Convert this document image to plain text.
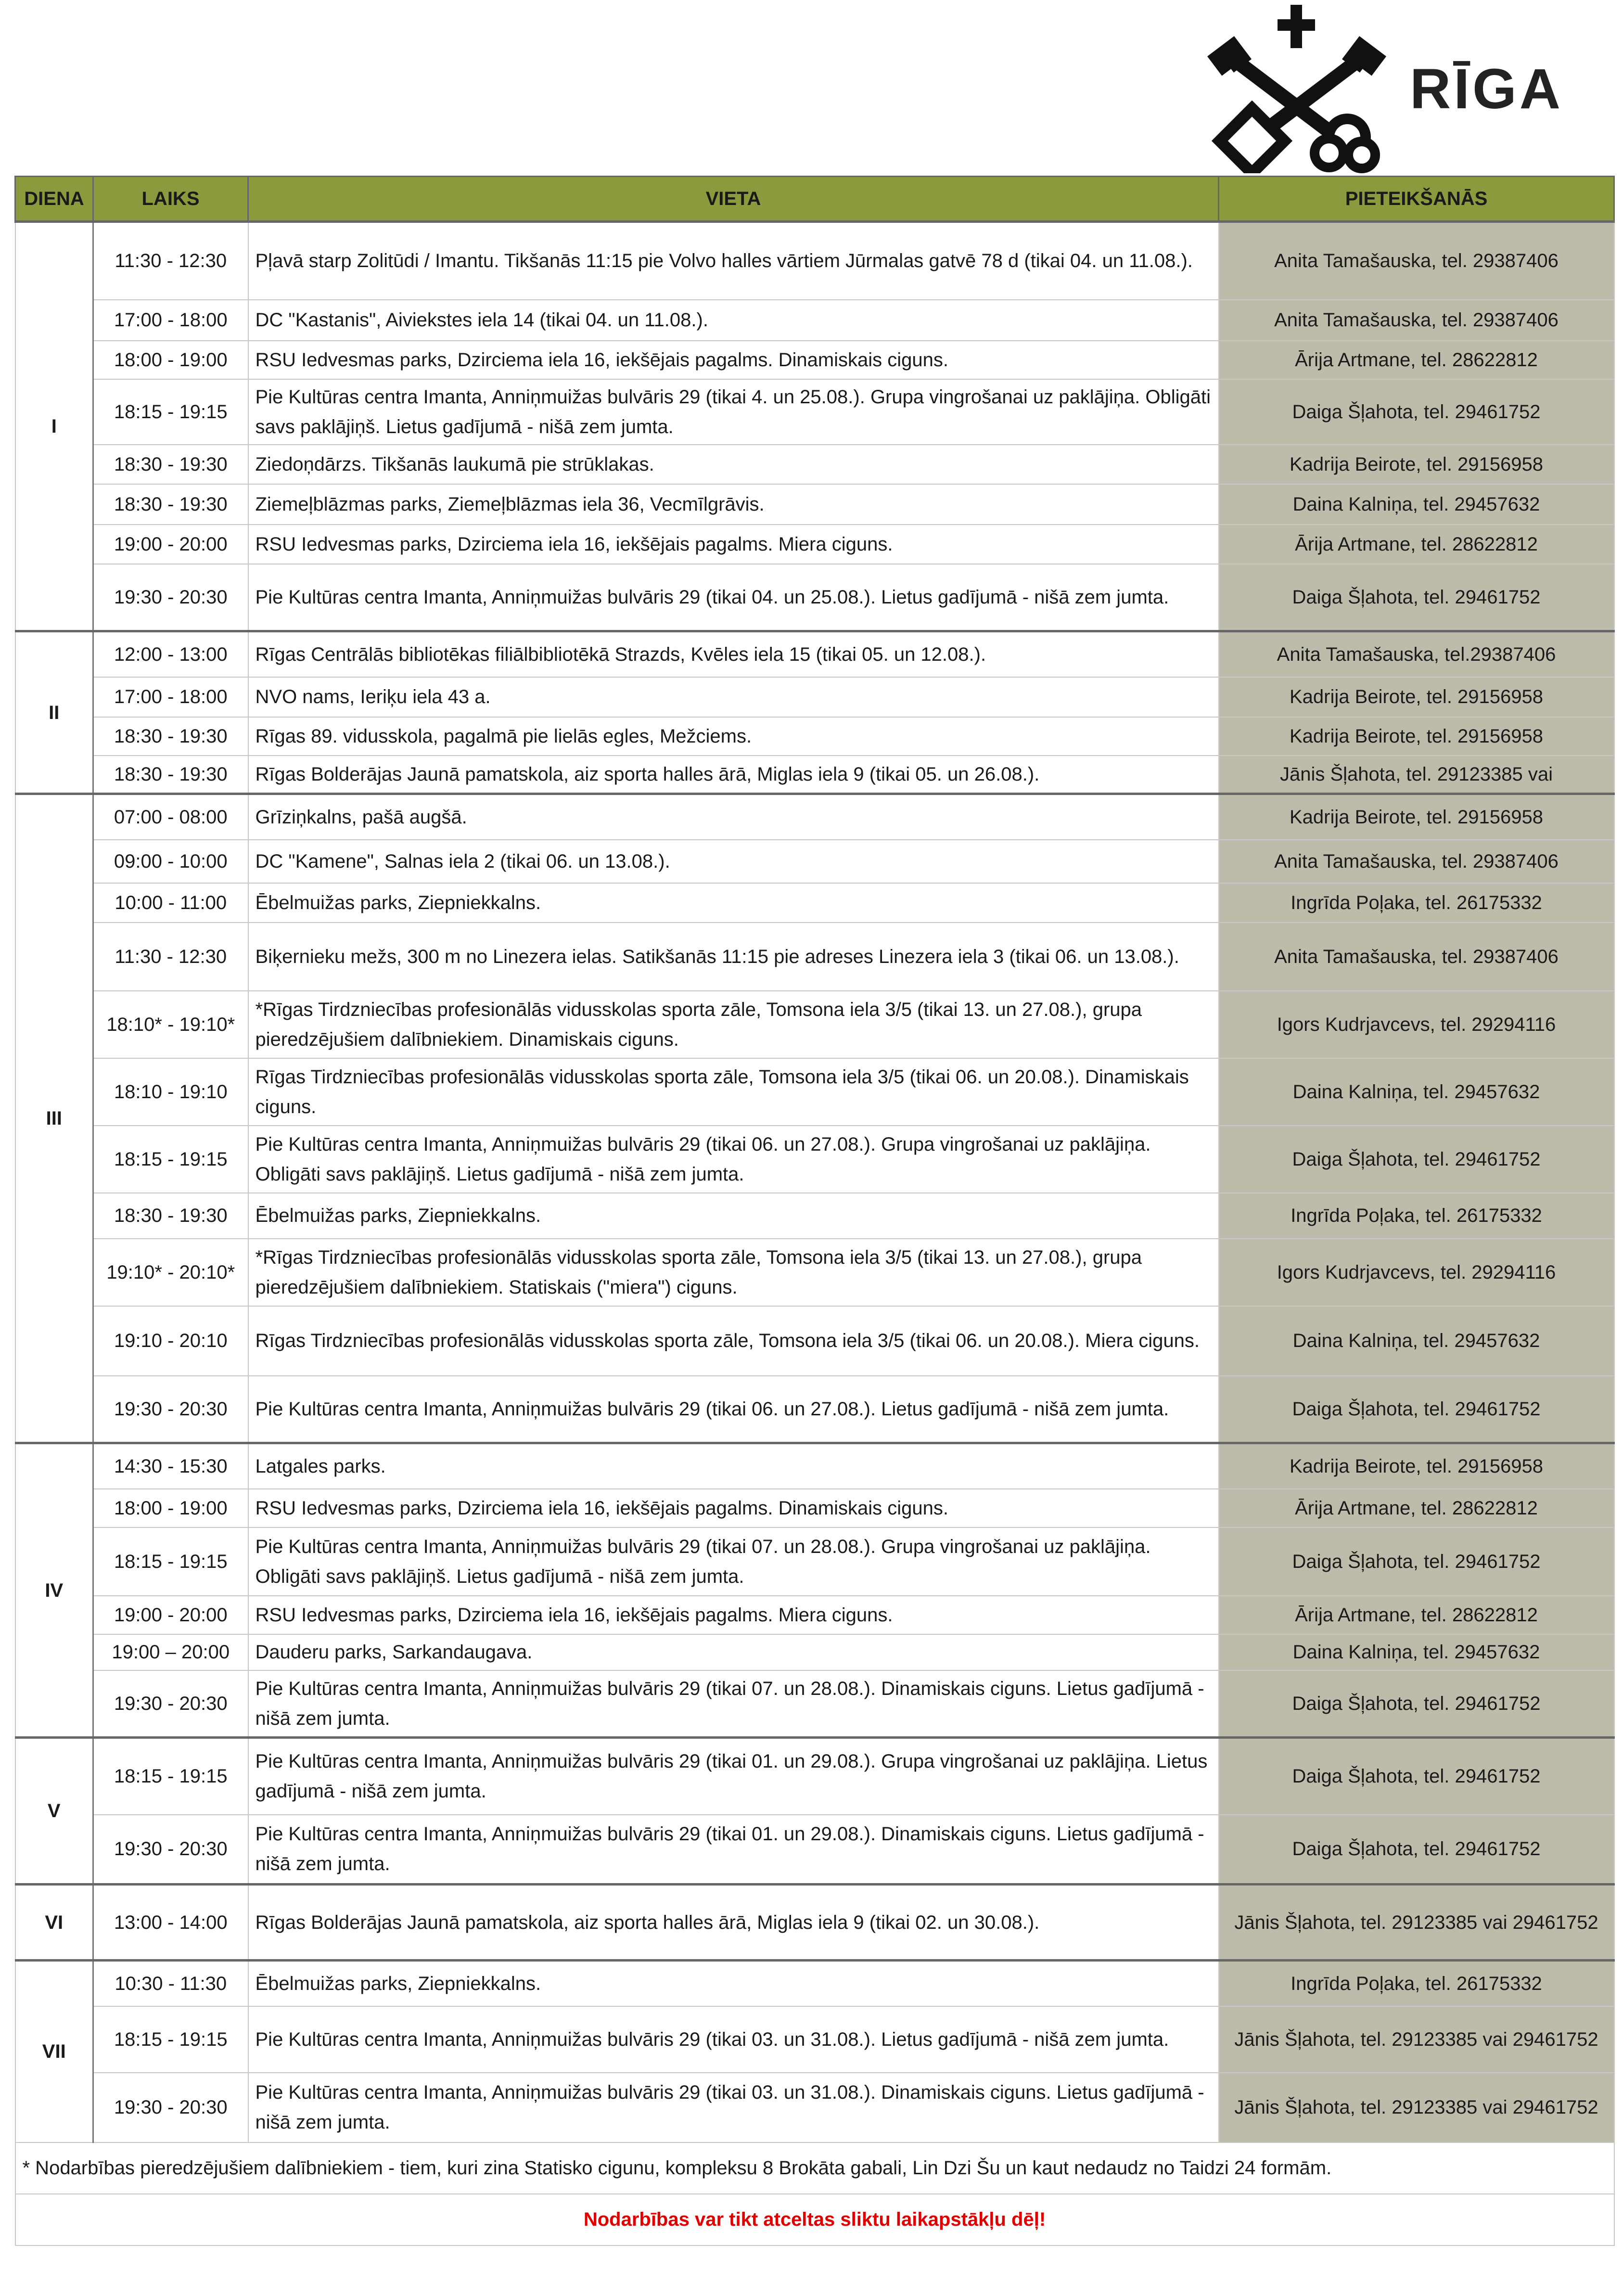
RĪGA
DIENA	LAIKS	VIETA	PIETEIKŠANĀS
I	11:30 - 12:30	Pļavā starp Zolitūdi / Imantu. Tikšanās 11:15 pie Volvo halles vārtiem Jūrmalas gatvē 78 d (tikai 04. un 11.08.).	Anita Tamašauska, tel. 29387406
	17:00 - 18:00	DC "Kastanis", Aiviekstes iela 14 (tikai 04. un 11.08.).	Anita Tamašauska, tel. 29387406
	18:00 - 19:00	RSU Iedvesmas parks, Dzirciema iela 16, iekšējais pagalms. Dinamiskais ciguns.	Ārija Artmane, tel. 28622812
	18:15 - 19:15	Pie Kultūras centra Imanta, Anniņmuižas bulvāris 29 (tikai 4. un 25.08.). Grupa vingrošanai uz paklājiņa. Obligāti savs paklājiņš. Lietus gadījumā - nišā zem jumta.	Daiga Šļahota, tel. 29461752
	18:30 - 19:30	Ziedoņdārzs. Tikšanās laukumā pie strūklakas.	Kadrija Beirote, tel. 29156958
	18:30 - 19:30	Ziemeļblāzmas parks, Ziemeļblāzmas iela 36, Vecmīlgrāvis.	Daina Kalniņa, tel. 29457632
	19:00 - 20:00	RSU Iedvesmas parks, Dzirciema iela 16, iekšējais pagalms. Miera ciguns.	Ārija Artmane, tel. 28622812
	19:30 - 20:30	Pie Kultūras centra Imanta, Anniņmuižas bulvāris 29 (tikai 04. un 25.08.). Lietus gadījumā - nišā zem jumta.	Daiga Šļahota, tel. 29461752
II	12:00 - 13:00	Rīgas Centrālās bibliotēkas filiālbibliotēkā Strazds, Kvēles iela 15 (tikai 05. un 12.08.).	Anita Tamašauska, tel.29387406
	17:00 - 18:00	NVO nams, Ieriķu iela 43 a.	Kadrija Beirote, tel. 29156958
	18:30 - 19:30	Rīgas 89. vidusskola, pagalmā pie lielās egles, Mežciems.	Kadrija Beirote, tel. 29156958
	18:30 - 19:30	Rīgas Bolderājas Jaunā pamatskola, aiz sporta halles ārā, Miglas iela 9 (tikai 05. un 26.08.).	Jānis Šļahota, tel. 29123385 vai
III	07:00 - 08:00	Grīziņkalns, pašā augšā.	Kadrija Beirote, tel. 29156958
	09:00 - 10:00	DC "Kamene", Salnas iela 2 (tikai 06. un 13.08.).	Anita Tamašauska, tel. 29387406
	10:00 - 11:00	Ēbelmuižas parks, Ziepniekkalns.	Ingrīda Poļaka, tel. 26175332
	11:30 - 12:30	Biķernieku mežs, 300 m no Linezera ielas. Satikšanās 11:15 pie adreses Linezera iela 3 (tikai 06. un 13.08.).	Anita Tamašauska, tel. 29387406
	18:10* - 19:10*	*Rīgas Tirdzniecības profesionālās vidusskolas sporta zāle, Tomsona iela 3/5 (tikai 13. un 27.08.), grupa pieredzējušiem dalībniekiem. Dinamiskais ciguns.	Igors Kudrjavcevs, tel. 29294116
	18:10 - 19:10	Rīgas Tirdzniecības profesionālās vidusskolas sporta zāle, Tomsona iela 3/5 (tikai 06. un 20.08.). Dinamiskais ciguns.	Daina Kalniņa, tel. 29457632
	18:15 - 19:15	Pie Kultūras centra Imanta, Anniņmuižas bulvāris 29 (tikai 06. un 27.08.). Grupa vingrošanai uz paklājiņa. Obligāti savs paklājiņš. Lietus gadījumā - nišā zem jumta.	Daiga Šļahota, tel. 29461752
	18:30 - 19:30	Ēbelmuižas parks, Ziepniekkalns.	Ingrīda Poļaka, tel. 26175332
	19:10* - 20:10*	*Rīgas Tirdzniecības profesionālās vidusskolas sporta zāle, Tomsona iela 3/5 (tikai 13. un 27.08.), grupa pieredzējušiem dalībniekiem. Statiskais ("miera") ciguns.	Igors Kudrjavcevs, tel. 29294116
	19:10 - 20:10	Rīgas Tirdzniecības profesionālās vidusskolas sporta zāle, Tomsona iela 3/5 (tikai 06. un 20.08.). Miera ciguns.	Daina Kalniņa, tel. 29457632
	19:30 - 20:30	Pie Kultūras centra Imanta, Anniņmuižas bulvāris 29 (tikai 06. un 27.08.). Lietus gadījumā - nišā zem jumta.	Daiga Šļahota, tel. 29461752
IV	14:30 - 15:30	Latgales parks.	Kadrija Beirote, tel. 29156958
	18:00 - 19:00	RSU Iedvesmas parks, Dzirciema iela 16, iekšējais pagalms. Dinamiskais ciguns.	Ārija Artmane, tel. 28622812
	18:15 - 19:15	Pie Kultūras centra Imanta, Anniņmuižas bulvāris 29 (tikai 07. un 28.08.). Grupa vingrošanai uz paklājiņa. Obligāti savs paklājiņš. Lietus gadījumā - nišā zem jumta.	Daiga Šļahota, tel. 29461752
	19:00 - 20:00	RSU Iedvesmas parks, Dzirciema iela 16, iekšējais pagalms. Miera ciguns.	Ārija Artmane, tel. 28622812
	19:00 – 20:00	Dauderu parks, Sarkandaugava.	Daina Kalniņa, tel. 29457632
	19:30 - 20:30	Pie Kultūras centra Imanta, Anniņmuižas bulvāris 29 (tikai 07. un 28.08.). Dinamiskais ciguns. Lietus gadījumā - nišā zem jumta.	Daiga Šļahota, tel. 29461752
V	18:15 - 19:15	Pie Kultūras centra Imanta, Anniņmuižas bulvāris 29 (tikai 01. un 29.08.). Grupa vingrošanai uz paklājiņa. Lietus gadījumā - nišā zem jumta.	Daiga Šļahota, tel. 29461752
	19:30 - 20:30	Pie Kultūras centra Imanta, Anniņmuižas bulvāris 29 (tikai 01. un 29.08.). Dinamiskais ciguns. Lietus gadījumā - nišā zem jumta.	Daiga Šļahota, tel. 29461752
VI	13:00 - 14:00	Rīgas Bolderājas Jaunā pamatskola, aiz sporta halles ārā, Miglas iela 9 (tikai 02. un 30.08.).	Jānis Šļahota, tel. 29123385 vai 29461752
VII	10:30 - 11:30	Ēbelmuižas parks, Ziepniekkalns.	Ingrīda Poļaka, tel. 26175332
	18:15 - 19:15	Pie Kultūras centra Imanta, Anniņmuižas bulvāris 29 (tikai 03. un 31.08.). Lietus gadījumā - nišā zem jumta.	Jānis Šļahota, tel. 29123385 vai 29461752
	19:30 - 20:30	Pie Kultūras centra Imanta, Anniņmuižas bulvāris 29 (tikai 03. un 31.08.). Dinamiskais ciguns. Lietus gadījumā - nišā zem jumta.	Jānis Šļahota, tel. 29123385 vai 29461752
* Nodarbības pieredzējušiem dalībniekiem - tiem, kuri zina Statisko cigunu, kompleksu 8 Brokāta gabali, Lin Dzi Šu un kaut nedaudz no Taidzi 24 formām.			
Nodarbības var tikt atceltas sliktu laikapstākļu dēļ!			
